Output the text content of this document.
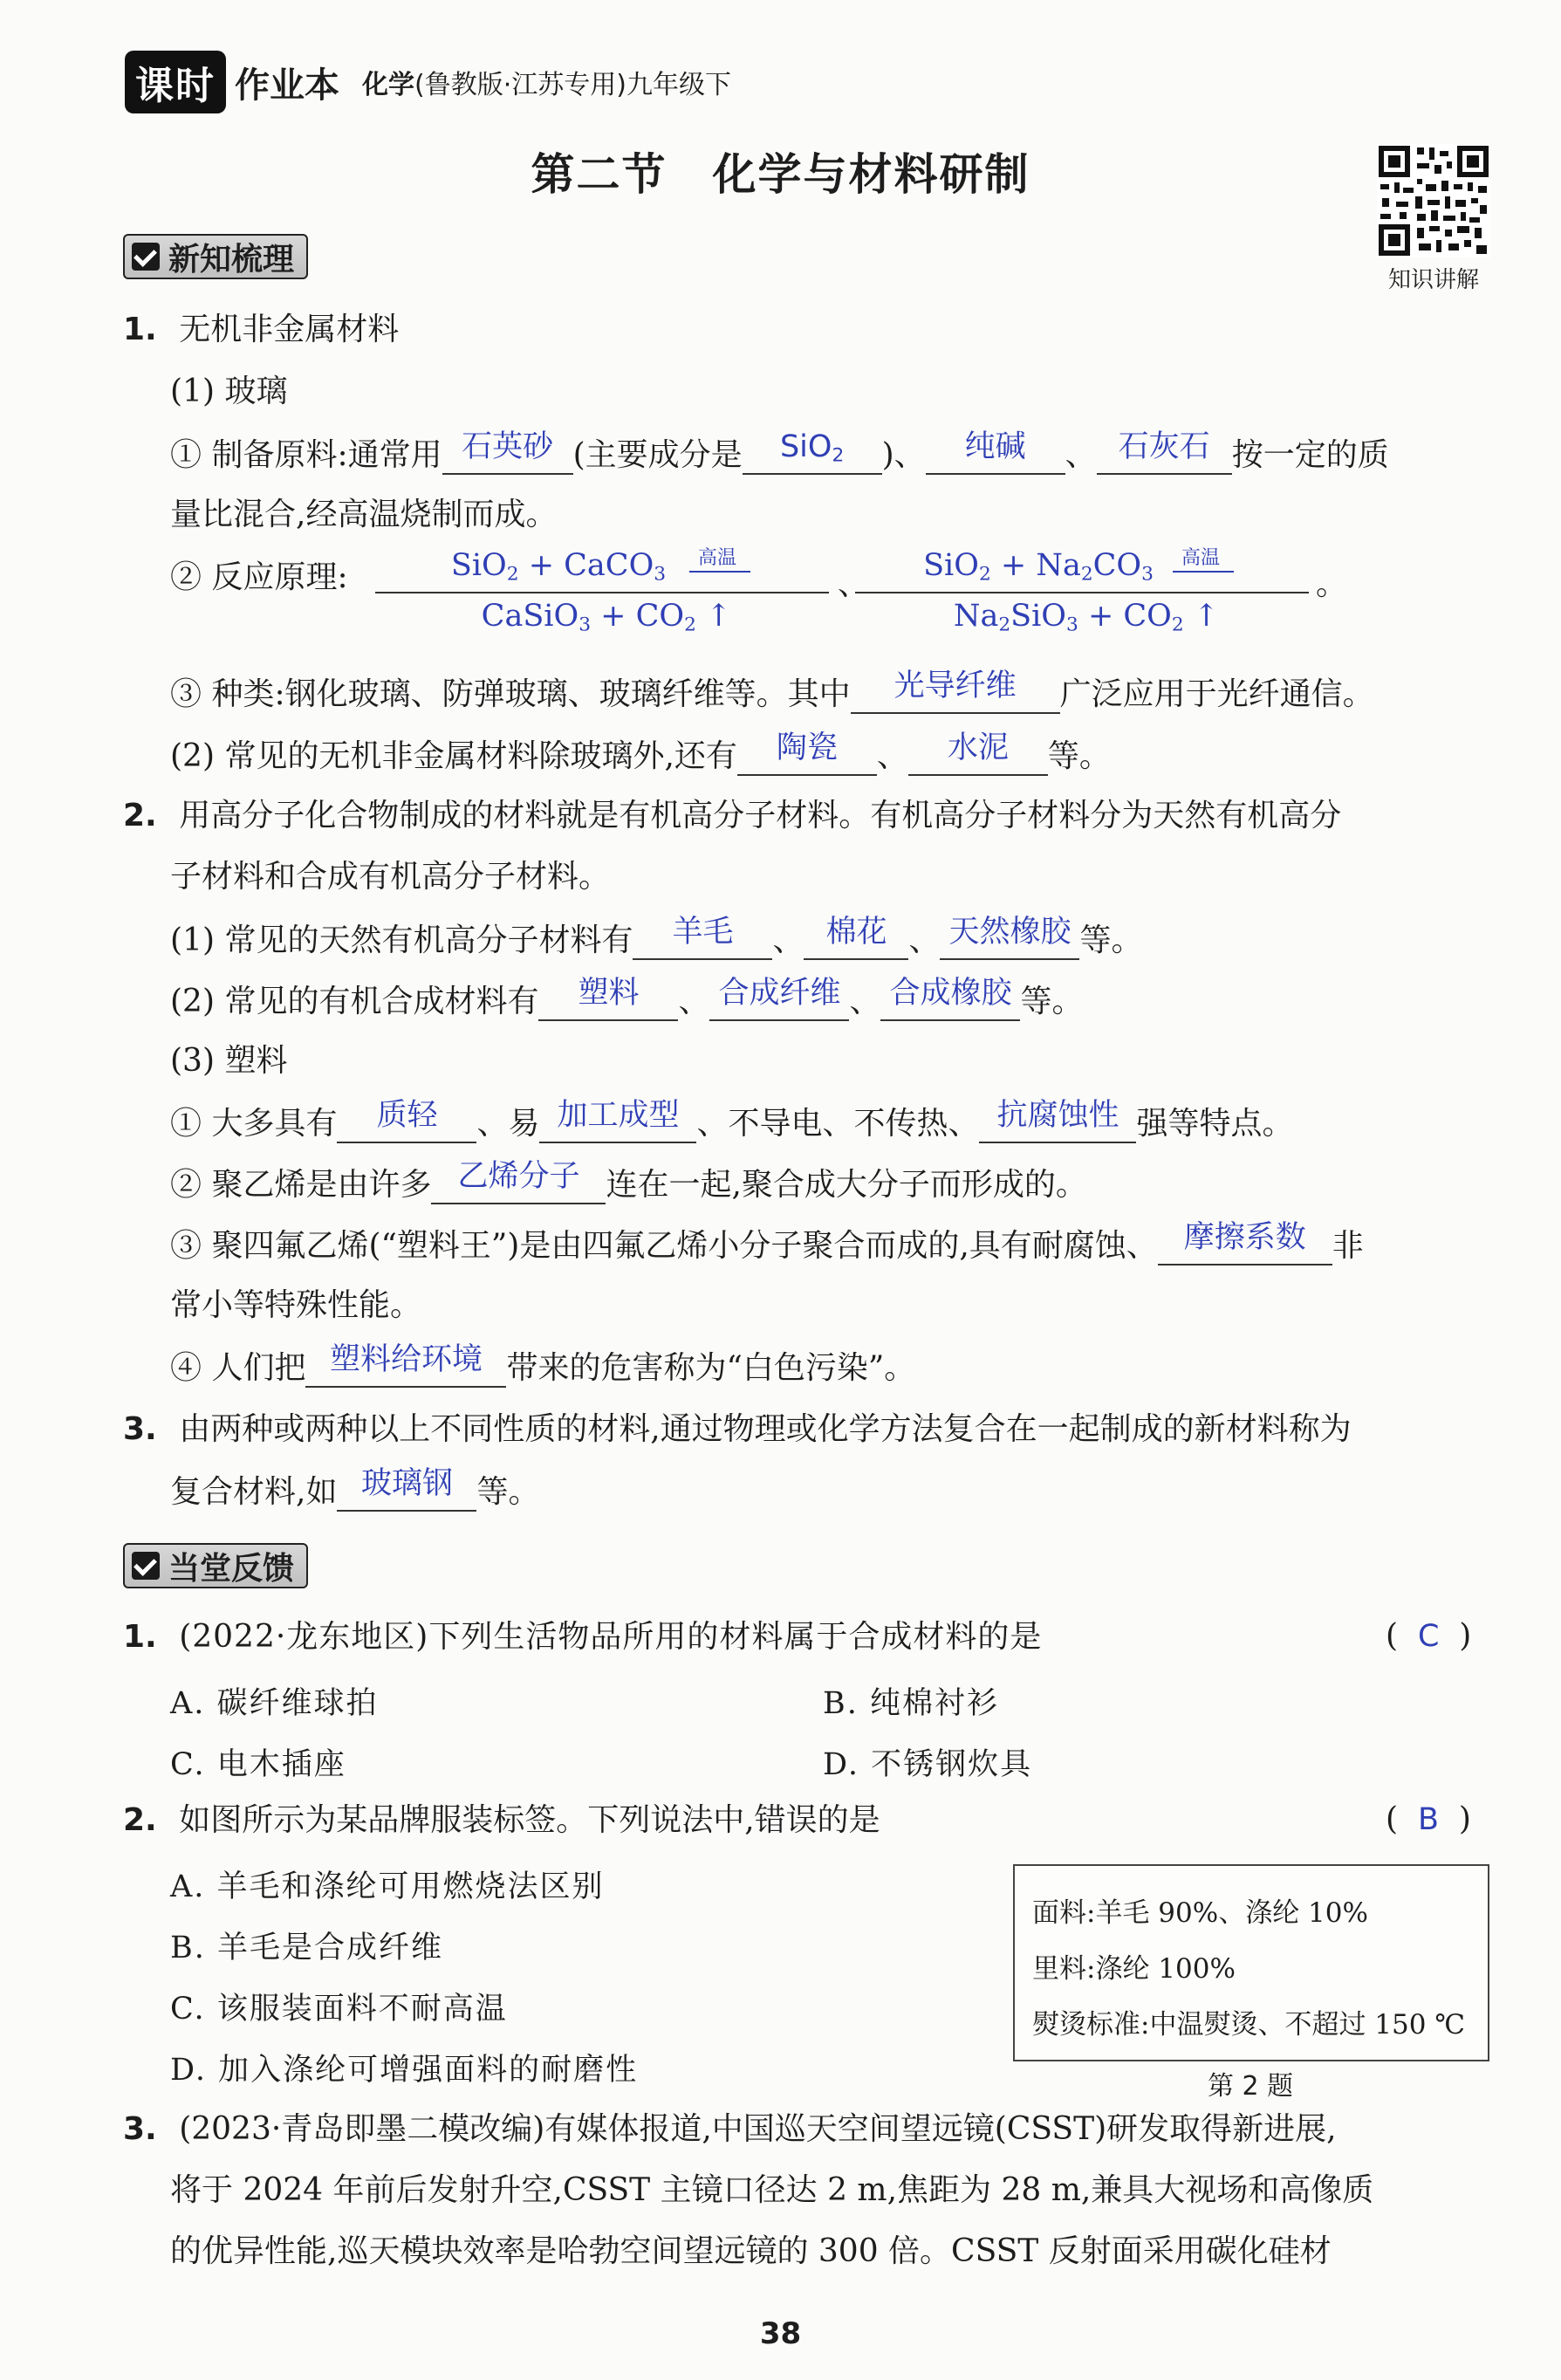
课时 作业本 化学(鲁教版·江苏专用)九年级下
第二节　化学与材料研制
知识讲解
新知梳理
1. 无机非金属材料
(1) 玻璃
① 制备原料:通常用 石英砂 (主要成分是 SiO$_2$ )、 纯碱 、 石灰石 按一定的质
量比混合,经高温烧制而成。
② 反应原理:	SiO$_2$ + CaCO$_3$
高温
CaSiO$_3$ + $CO_2$ ↑
、
$SiO_2 + Na_2CO_3$
高温
$Na_2SiO_3 + CO_2$ ↑
。
③ 种类:钢化玻璃、防弹玻璃、玻璃纤维等。其中 光导纤维 广泛应用于光纤通信。
(2) 常见的无机非金属材料除玻璃外,还有 陶瓷 、 水泥 等。
2. 用高分子化合物制成的材料就是有机高分子材料。有机高分子材料分为天然有机高分
子材料和合成有机高分子材料。
(1) 常见的天然有机高分子材料有 羊毛 、 棉花 、 天然橡胶 等。
(2) 常见的有机合成材料有 塑料 、 合成纤维 、 合成橡胶 等。
(3) 塑料
① 大多具有 质轻 、易 加工成型 、不导电、不传热、 抗腐蚀性 强等特点。
② 聚乙烯是由许多 乙烯分子 连在一起,聚合成大分子而形成的。
③ 聚四氟乙烯(“塑料王”)是由四氟乙烯小分子聚合而成的,具有耐腐蚀、 摩擦系数 非
常小等特殊性能。
④ 人们把 塑料给环境 带来的危害称为“白色污染”。
3. 由两种或两种以上不同性质的材料,通过物理或化学方法复合在一起制成的新材料称为
复合材料,如 玻璃钢 等。
当堂反馈
1. (2022·龙东地区)下列生活物品所用的材料属于合成材料的是	(  C  )
A. 碳纤维球拍	B. 纯棉衬衫
C. 电木插座	D. 不锈钢炊具
2. 如图所示为某品牌服装标签。下列说法中,错误的是	(  B  )
A. 羊毛和涤纶可用燃烧法区别
B. 羊毛是合成纤维
C. 该服装面料不耐高温
D. 加入涤纶可增强面料的耐磨性
面料:羊毛 90%、涤纶 10%
里料:涤纶 100%
熨烫标准:中温熨烫、不超过 150 ℃
第 2 题
3. (2023·青岛即墨二模改编)有媒体报道,中国巡天空间望远镜(CSST)研发取得新进展,
将于 2024 年前后发射升空,CSST 主镜口径达 2 m,焦距为 28 m,兼具大视场和高像质
的优异性能,巡天模块效率是哈勃空间望远镜的 300 倍。CSST 反射面采用碳化硅材
38
